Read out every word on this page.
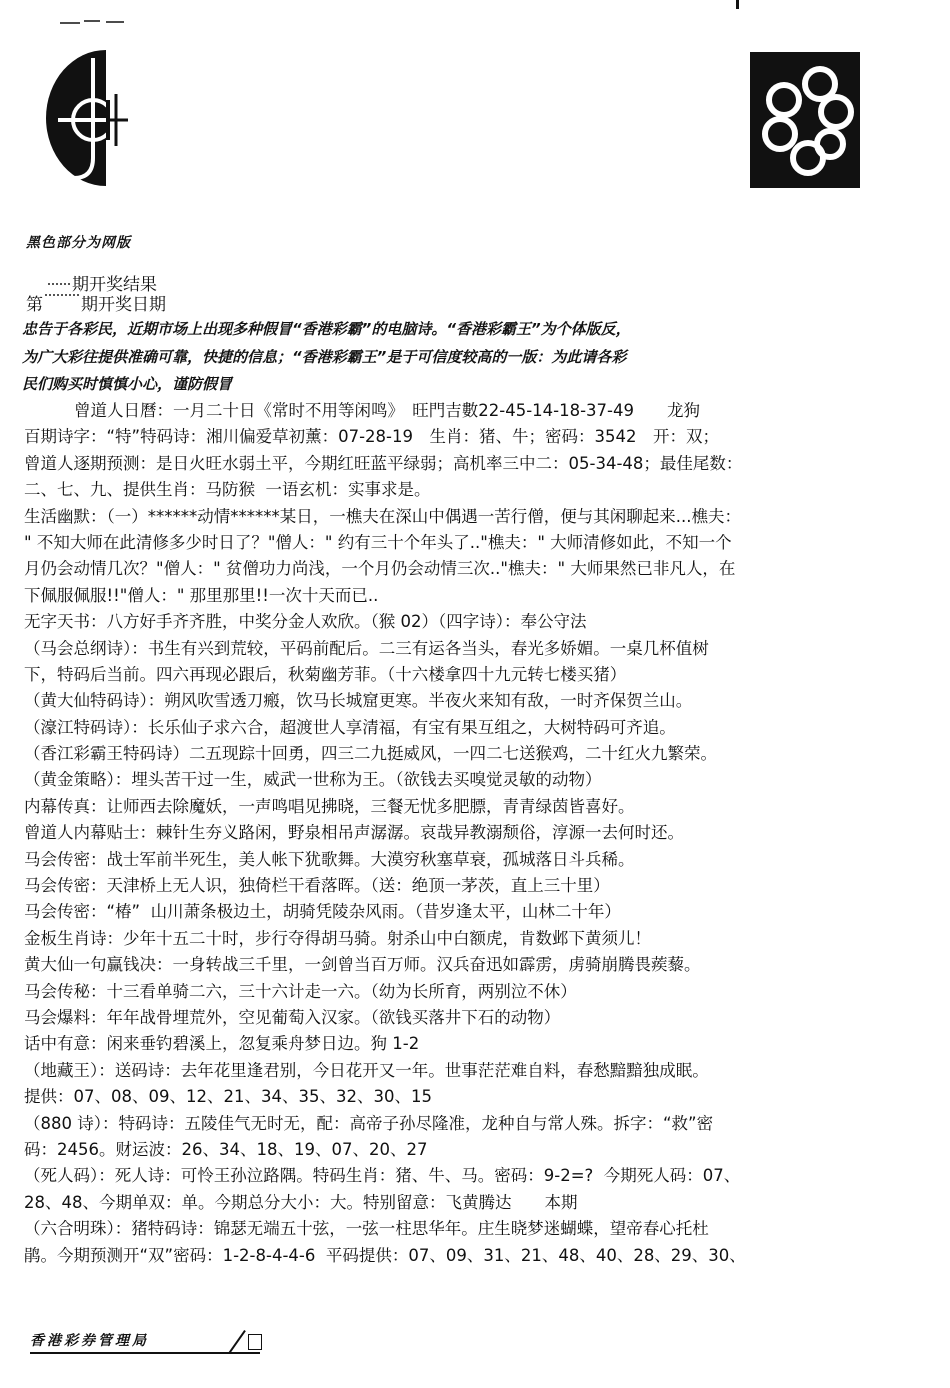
黑色部分为网版
期开奖结果
第 期开奖日期
忠告于各彩民，近期市场上出现多种假冒“香港彩霸”的电脑诗。“香港彩霸王”为个体版反，
为广大彩往提供准确可靠，快捷的信息；“香港彩霸王”是于可信度较高的一版：为此请各彩
民们购买时慎慎小心，谨防假冒
曾道人日曆：一月二十日《常时不用等闲鸣》　旺門吉數22-45-14-18-37-49　　龙狗
百期诗字：“特”特码诗：湘川偏爱草初薰：07-28-19　生肖：猪、牛；密码：3542　开：双；
曾道人逐期预测：是日火旺水弱土平，今期红旺蓝平绿弱；高机率三中二：05-34-48；最佳尾数：
二、七、九、提供生肖：马防猴  一语玄机：实事求是。
生活幽默：（一）******动情******某日，一樵夫在深山中偶遇一苦行僧，便与其闲聊起来...樵夫：
" 不知大师在此清修多少时日了？"僧人：" 约有三十个年头了.."樵夫：" 大师清修如此，不知一个
月仍会动情几次？"僧人：" 贫僧功力尚浅，一个月仍会动情三次.."樵夫：" 大师果然已非凡人，在
下佩服佩服!!"僧人：" 那里那里!!一次十天而已..
无字天书：八方好手齐齐胜，中奖分金人欢欣。（猴 02）（四字诗）：奉公守法
（马会总纲诗）：书生有兴到荒较，平码前配后。二三有运各当头，春光多娇媚。一桌几杯值树
下，特码后当前。四六再现必跟后，秋菊幽芳菲。（十六楼拿四十九元转七楼买猪）
（黄大仙特码诗）：朔风吹雪透刀瘢，饮马长城窟更寒。半夜火来知有敌，一时齐保贺兰山。
（濠江特码诗）：长乐仙子求六合，超渡世人享清福，有宝有果互组之，大树特码可齐追。
（香江彩霸王特码诗）二五现踪十回勇，四三二九挺威风，一四二七送猴鸡，二十红火九繁荣。
（黄金策略）：埋头苦干过一生，威武一世称为王。（欲钱去买嗅觉灵敏的动物）
内幕传真：让师西去除魔妖，一声鸣唱见拂晓，三餐无忧多肥膘，青青绿茵皆喜好。
曾道人内幕贴士：棘针生夯义路闲，野泉相吊声潺潺。哀哉异教溺颓俗，淳源一去何时还。
马会传密：战士军前半死生，美人帐下犹歌舞。大漠穷秋塞草衰，孤城落日斗兵稀。
马会传密：天津桥上无人识，独倚栏干看落晖。（送：绝顶一茅茨，直上三十里）
马会传密：“椿”  山川萧条极边土，胡骑凭陵杂风雨。（昔岁逢太平，山林二十年）
金板生肖诗：少年十五二十时，步行夺得胡马骑。射杀山中白额虎，肯数邺下黄须儿！
黄大仙一句赢钱决：一身转战三千里，一剑曾当百万师。汉兵奋迅如霹雳，虏骑崩腾畏蒺藜。
马会传秘：十三看单骑二六，三十六计走一六。（幼为长所育，两别泣不休）
马会爆料：年年战骨埋荒外，空见葡萄入汉家。（欲钱买落井下石的动物）
话中有意：闲来垂钓碧溪上，忽复乘舟梦日边。狗 1-2
（地藏王）：送码诗：去年花里逢君别，今日花开又一年。世事茫茫难自料，春愁黯黯独成眠。
提供：07、08、09、12、21、34、35、32、30、15
（880 诗）：特码诗：五陵佳气无时无，配：高帝子孙尽隆准，龙种自与常人殊。拆字：“救”密
码：2456。财运波：26、34、18、19、07、20、27
（死人码）：死人诗：可怜王孙泣路隅。特码生肖：猪、牛、马。密码：9-2=?  今期死人码：07、
28、48、今期单双：单。今期总分大小：大。特别留意：飞黄腾达　　本期
（六合明珠）：猪特码诗：锦瑟无端五十弦，一弦一柱思华年。庄生晓梦迷蝴蝶，望帝春心托杜
鹃。今期预测开“双”密码：1-2-8-4-4-6  平码提供：07、09、31、21、48、40、28、29、30、
香港彩券管理局
